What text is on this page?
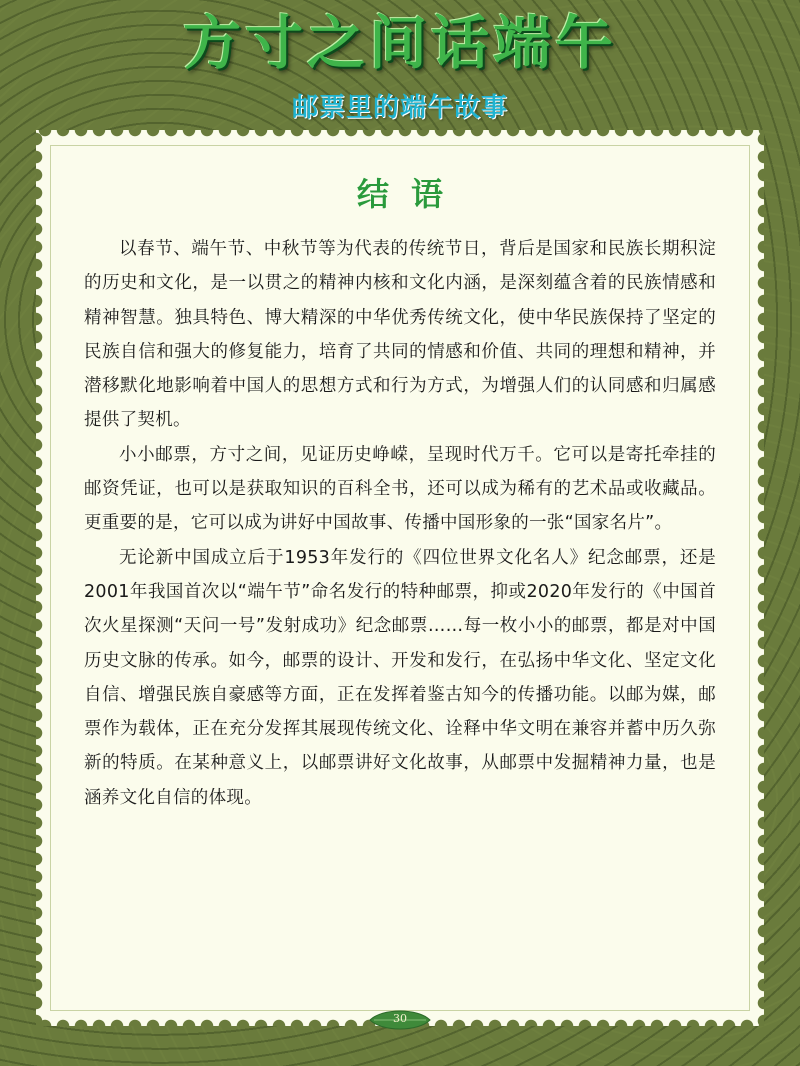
方寸之间话端午
邮票里的端午故事
结语

以春节、端午节、中秋节等为代表的传统节日，背后是国家和民族长期积淀的历史和文化，是一以贯之的精神内核和文化内涵，是深刻蕴含着的民族情感和精神智慧。独具特色、博大精深的中华优秀传统文化，使中华民族保持了坚定的民族自信和强大的修复能力，培育了共同的情感和价值、共同的理想和精神，并潜移默化地影响着中国人的思想方式和行为方式，为增强人们的认同感和归属感提供了契机。

小小邮票，方寸之间，见证历史峥嵘，呈现时代万千。它可以是寄托牵挂的邮资凭证，也可以是获取知识的百科全书，还可以成为稀有的艺术品或收藏品。更重要的是，它可以成为讲好中国故事、传播中国形象的一张“国家名片”。

无论新中国成立后于1953年发行的《四位世界文化名人》纪念邮票，还是2001年我国首次以“端午节”命名发行的特种邮票，抑或2020年发行的《中国首次火星探测“天问一号”发射成功》纪念邮票……每一枚小小的邮票，都是对中国历史文脉的传承。如今，邮票的设计、开发和发行，在弘扬中华文化、坚定文化自信、增强民族自豪感等方面，正在发挥着鉴古知今的传播功能。以邮为媒，邮票作为载体，正在充分发挥其展现传统文化、诠释中华文明在兼容并蓄中历久弥新的特质。在某种意义上，以邮票讲好文化故事，从邮票中发掘精神力量，也是涵养文化自信的体现。

30
